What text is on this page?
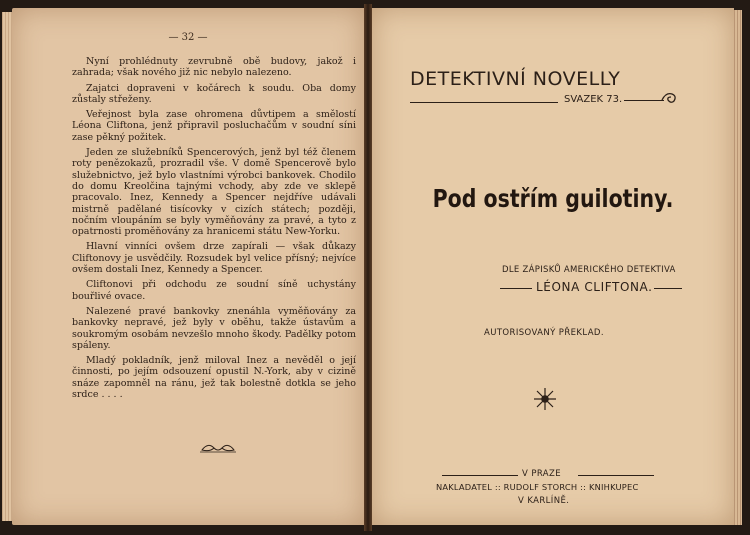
— 32 —

Nyní prohlédnuty zevrubně obě budovy, jakož i zahrada; však nového již nic nebylo nalezeno.

Zajatci dopraveni v kočárech k soudu. Oba domy zůstaly střeženy.

Veřejnost byla zase ohromena důvtipem a smělostí Léona Cliftona, jenž připravil posluchačům v soudní síni zase pěkný požitek.

Jeden ze služebníků Spencerových, jenž byl též členem roty penězokazů, prozradil vše. V domě Spencerově bylo služebnictvo, jež bylo vlastními výrobci bankovek. Chodilo do domu Kreolčina tajnými vchody, aby zde ve sklepě pracovalo. Inez, Kennedy a Spencer nejdříve udávali mistrně padělané tisícovky v cizích státech; později, nočním vloupáním se byly vyměňovány za pravé, a tyto z opatrnosti proměňovány za hranicemi státu New-Yorku.

Hlavní vinníci ovšem drze zapírali — však důkazy Cliftonovy je usvědčily. Rozsudek byl velice přísný; nejvíce ovšem dostali Inez, Kennedy a Spencer.

Cliftonovi při odchodu ze soudní síně uchystány bouřlivé ovace.

Nalezené pravé bankovky znenáhla vyměňovány za bankovky nepravé, jež byly v oběhu, takže ústavům a soukromým osobám nevzešlo mnoho škody. Padělky potom spáleny.

Mladý pokladník, jenž miloval Inez a nevěděl o její činnosti, po jejím odsouzení opustil N.-York, aby v cizině snáze zapomněl na ránu, jež tak bolestně dotkla se jeho srdce . . . .

DETEKTIVNÍ NOVELLY
SVAZEK 73.
Pod ostřím guilotiny.
DLE ZÁPISKŮ AMERICKÉHO DETEKTIVA
LÉONA CLIFTONA.
AUTORISOVANÝ PŘEKLAD.
V PRAZE
NAKLADATEL :: RUDOLF STORCH :: KNIHKUPEC
V KARLÍNĚ.
